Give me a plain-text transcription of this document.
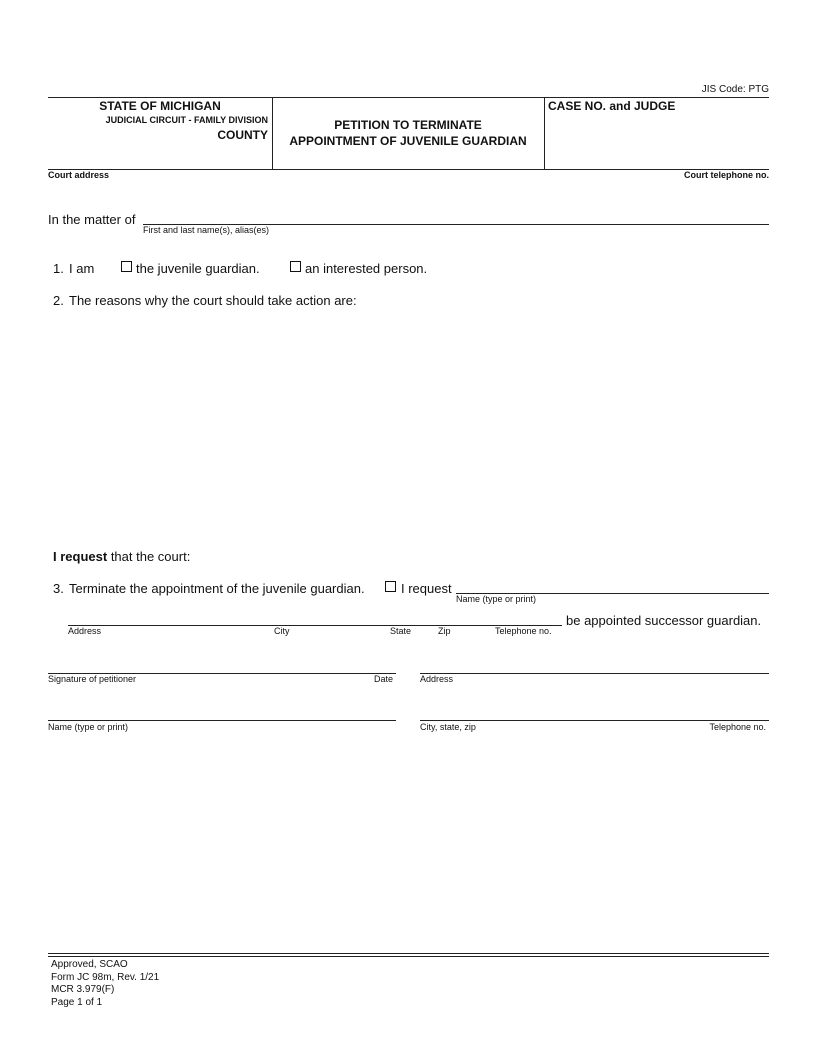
JIS Code: PTG
STATE OF MICHIGAN
JUDICIAL CIRCUIT - FAMILY DIVISION
COUNTY
PETITION TO TERMINATE
APPOINTMENT OF JUVENILE GUARDIAN
CASE NO. and JUDGE
Court address	Court telephone no.
In the matter of
First and last name(s), alias(es)
1. I am	the juvenile guardian.	an interested person.
2. The reasons why the court should take action are:
I request that the court:
3. Terminate the appointment of the juvenile guardian.	I request
Name (type or print)
be appointed successor guardian.
Address	City	State	Zip	Telephone no.
Signature of petitioner	Date	Address
Name (type or print)	City, state, zip	Telephone no.
Approved, SCAO
Form JC 98m, Rev. 1/21
MCR 3.979(F)
Page 1 of 1
